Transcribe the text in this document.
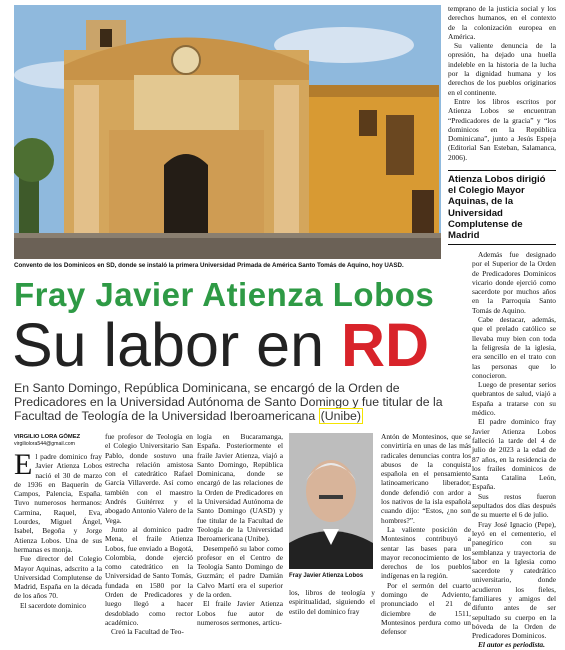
Convento de los Dominicos en SD, donde se instaló la primera Universidad Primada de América Santo Tomás de Aquino, hoy UASD.
Fray Javier Atienza Lobos
Su labor en RD
En Santo Domingo, República Dominicana, se encargó de la Orden de Predicadores en la Universidad Autónoma de Santo Domingo y fue titular de la Facultad de Teología de la Universidad Iberoamericana (Unibe)
VIRGILIO LORA GÓMEZ
virgiliolora544@gmail.com

El padre dominico fray Javier Atienza Lobos nació el 30 de marzo de 1936 en Baquerín de Campos, Palencia, España. Tuvo numerosos hermanos: Carmina, Raquel, Eva, Lourdes, Miguel Ángel, Isabel, Begoña y Jorge Atienza Lobos. Una de sus hermanas es monja.

Fue director del Colegio Mayor Aquinas, adscrito a la Universidad Complutense de Madrid, España en la década de los años 70.

El sacerdote dominico

fue profesor de Teología en el Colegio Universitario San Pablo, donde sostuvo una estrecha relación amistosa con el catedrático Rafael García Villaverde. Así como también con el maestro Andrés Guitérrez y el abogado Antonio Valero de la Vega.

Junto al dominico padre Mena, el fraile Atienza Lobos, fue enviado a Bogotá, Colombia, donde ejerció como catedrático en la Universidad de Santo Tomás, fundada en 1580 por la Orden de Predicadores y luego llegó a hacer desdoblado como rector académico.

Creó la Facultad de Teo-

logía en Bucaramanga, España. Posteriormente el fraile Javier Atienza, viajó a Santo Domingo, República Dominicana, donde se encargó de las relaciones de la Orden de Predicadores en la Universidad Autónoma de Santo Domingo (UASD) y fue titular de la Facultad de Teología de la Universidad Iberoamericana (Unibe).

Desempeñó su labor como profesor en el Centro de Teología Santo Domingo de Guzmán; el padre Damián Calvo Martí era el superior de la orden.

El fraile Javier Atienza Lobos fue autor de numerosos sermones, artícu-

Fray Javier Atienza Lobos

los, libros de teología y espiritualidad, siguiendo el estilo del dominico fray

Antón de Montesinos, que se convirtiría en unas de las más radicales denuncias contra los abusos de la conquista española en el pensamiento latinoamericano liberador, donde defendió con ardor a los nativos de la isla española cuando dijo: “Estos, ¿no son hombres?”.

La valiente posición de Montesinos contribuyó a sentar las bases para un mayor reconocimiento de los derechos de los pueblos indígenas en la región.

Por el sermón del cuarto domingo de Adviento, pronunciado el 21 de diciembre de 1511, Montesinos perdura como un defensor

temprano de la justicia social y los derechos humanos, en el contexto de la colonización europea en América.

Su valiente denuncia de la opresión, ha dejado una huella indeleble en la historia de la lucha por la dignidad humana y los derechos de los pueblos originarios en el continente.

Entre los libros escritos por Atienza Lobos se encuentran “Predicadores de la gracia” y “los dominicos en la República Dominicana”, junto a Jesús Espeja (Editorial San Esteban, Salamanca, 2006).

Atienza Lobos dirigió el Colegio Mayor Aquinas, de la Universidad Complutense de Madrid

Además fue designado por el Superior de la Orden de Predicadores Dominicos vicario donde ejerció como sacerdote por muchos años en la Parroquia Santo Tomás de Aquino.

Cabe destacar, además, que el prelado católico se llevaba muy bien con toda la feligresía de la iglesia, era sencillo en el trato con las personas que lo conocieron.

Luego de presentar serios quebrantos de salud, viajó a España a tratarse con su médico.

El padre dominico fray Javier Atienza Lobos falleció la tarde del 4 de julio de 2023 a la edad de 87 años, en la residencia de los frailes dominicos de Santa Catalina León, España.

Sus restos fueron sepultados dos días después de su muerte el 6 de julio.

Fray José Ignacio (Pepe), leyó en el cementerio, el panegírico con su semblanza y trayectoria de labor en la Iglesia como sacerdote y catedrático universitario, donde acudieron los fieles, familiares y amigos del difunto antes de ser sepultado su cuerpo en la bóveda de la Orden de Predicadores Dominicos.

El autor es periodista.
